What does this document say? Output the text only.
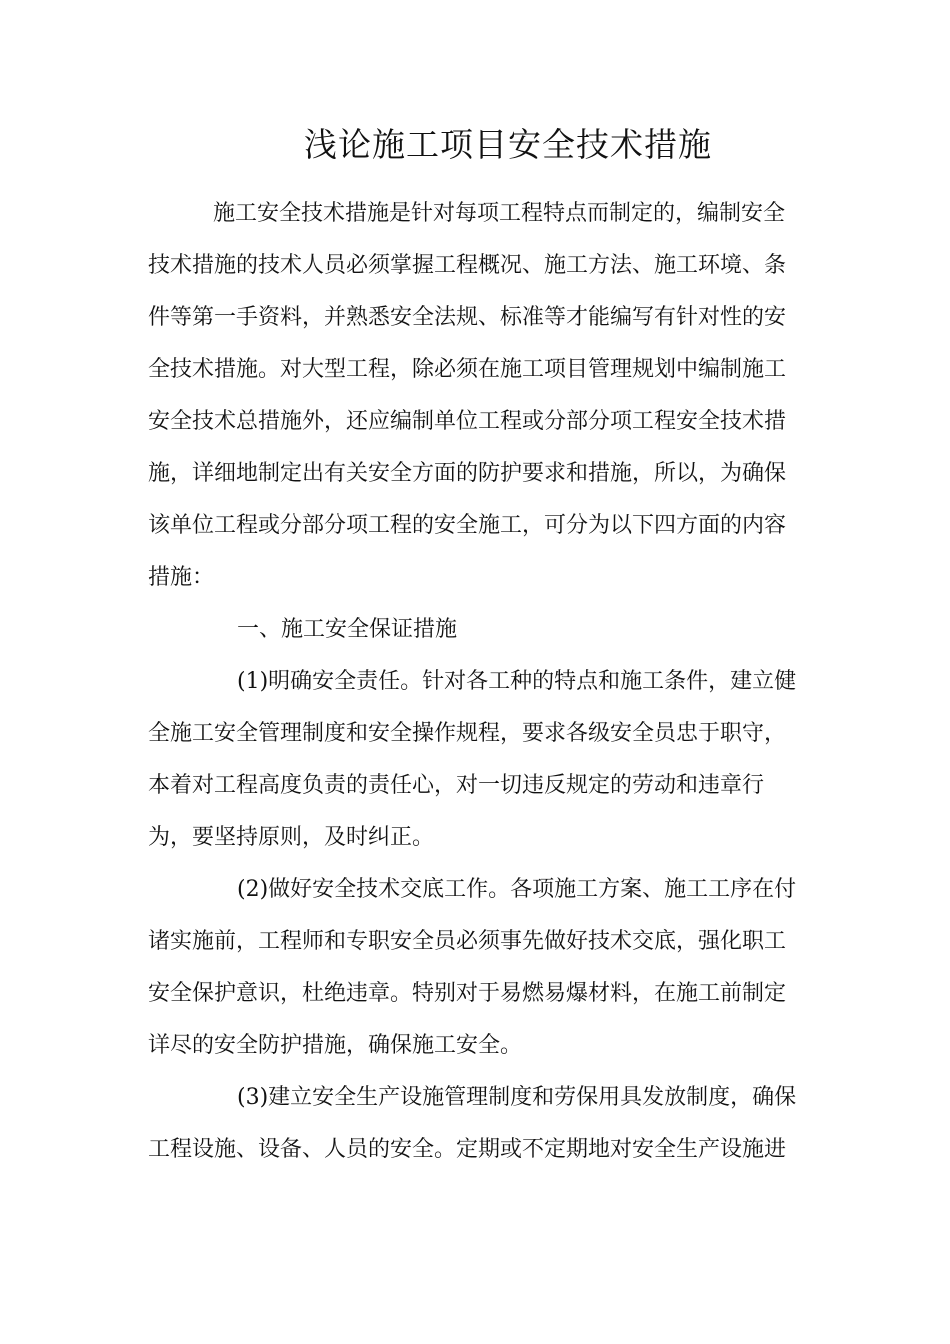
浅论施工项目安全技术措施
施工安全技术措施是针对每项工程特点而制定的，编制安全
技术措施的技术人员必须掌握工程概况、施工方法、施工环境、条
件等第一手资料，并熟悉安全法规、标准等才能编写有针对性的安
全技术措施。对大型工程，除必须在施工项目管理规划中编制施工
安全技术总措施外，还应编制单位工程或分部分项工程安全技术措
施，详细地制定出有关安全方面的防护要求和措施，所以，为确保
该单位工程或分部分项工程的安全施工，可分为以下四方面的内容
措施：
一、施工安全保证措施
(1)明确安全责任。针对各工种的特点和施工条件，建立健
全施工安全管理制度和安全操作规程，要求各级安全员忠于职守，
本着对工程高度负责的责任心，对一切违反规定的劳动和违章行
为，要坚持原则，及时纠正。
(2)做好安全技术交底工作。各项施工方案、施工工序在付
诸实施前，工程师和专职安全员必须事先做好技术交底，强化职工
安全保护意识，杜绝违章。特别对于易燃易爆材料，在施工前制定
详尽的安全防护措施，确保施工安全。
(3)建立安全生产设施管理制度和劳保用具发放制度，确保
工程设施、设备、人员的安全。定期或不定期地对安全生产设施进
